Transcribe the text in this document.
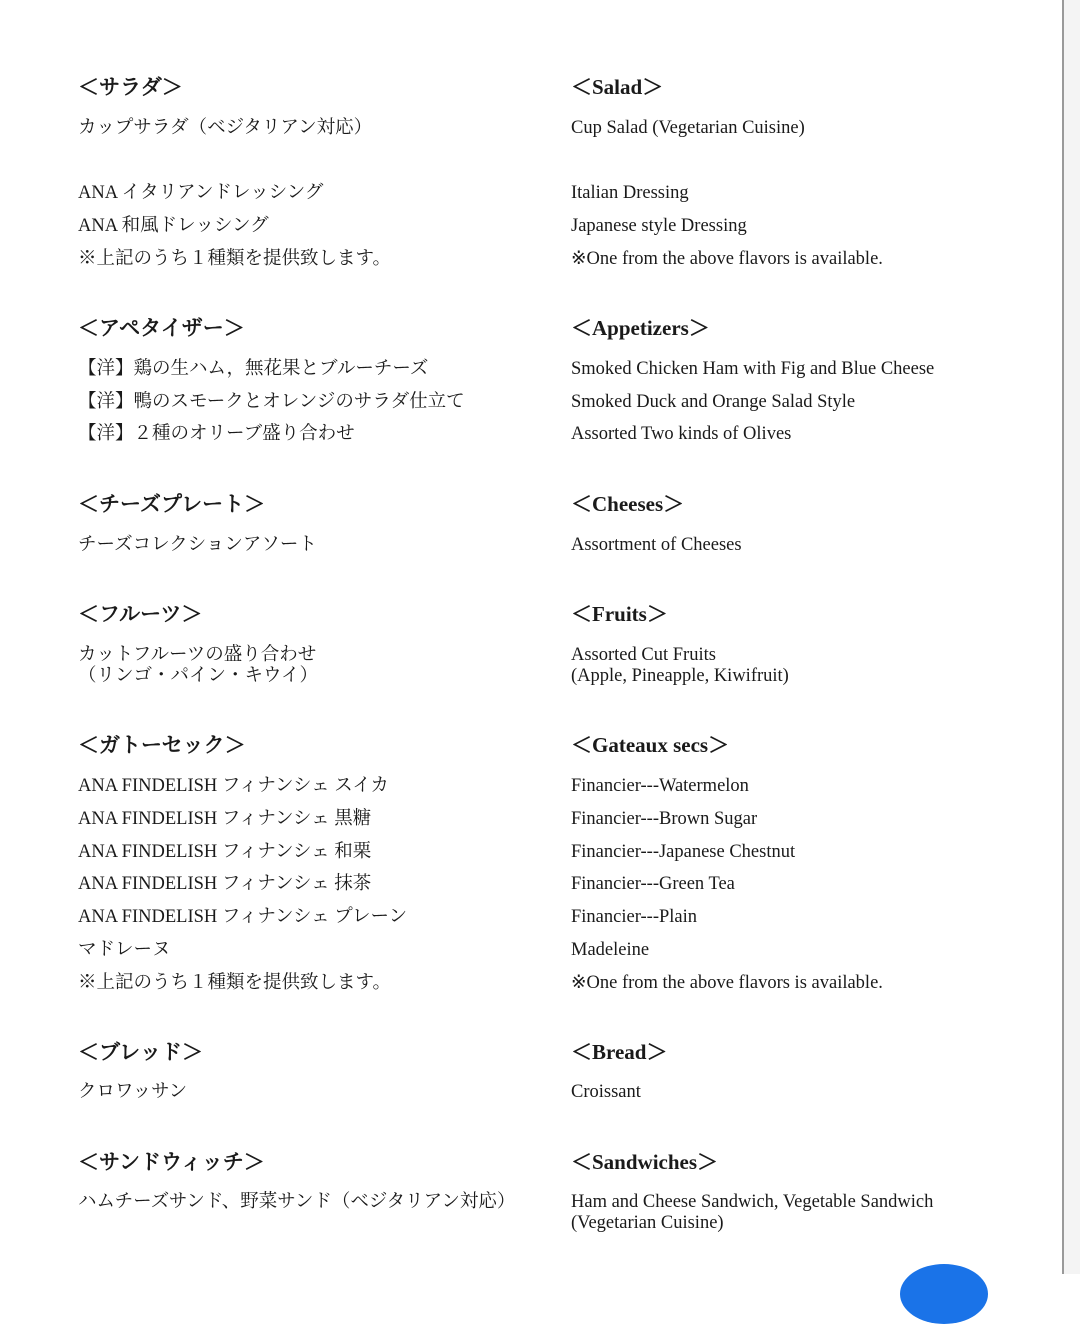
＜サラダ＞	＜Salad＞
カップサラダ（ベジタリアン対応）	Cup Salad (Vegetarian Cuisine)
ANA イタリアンドレッシング	Italian Dressing
ANA 和風ドレッシング	Japanese style Dressing
※上記のうち１種類を提供致します。	※One from the above flavors is available.
＜アペタイザー＞	＜Appetizers＞
【洋】鶏の生ハム，無花果とブルーチーズ	Smoked Chicken Ham with Fig and Blue Cheese
【洋】鴨のスモークとオレンジのサラダ仕立て	Smoked Duck and Orange Salad Style
【洋】２種のオリーブ盛り合わせ	Assorted Two kinds of Olives
＜チーズプレート＞	＜Cheeses＞
チーズコレクションアソート	Assortment of Cheeses
＜フルーツ＞	＜Fruits＞
カットフルーツの盛り合わせ	Assorted Cut Fruits
（リンゴ・パイン・キウイ）	(Apple, Pineapple, Kiwifruit)
＜ガトーセック＞	＜Gateaux secs＞
ANA FINDELISH フィナンシェ スイカ	Financier---Watermelon
ANA FINDELISH フィナンシェ 黒糖	Financier---Brown Sugar
ANA FINDELISH フィナンシェ 和栗	Financier---Japanese Chestnut
ANA FINDELISH フィナンシェ 抹茶	Financier---Green Tea
ANA FINDELISH フィナンシェ プレーン	Financier---Plain
マドレーヌ	Madeleine
※上記のうち１種類を提供致します。	※One from the above flavors is available.
＜ブレッド＞	＜Bread＞
クロワッサン	Croissant
＜サンドウィッチ＞	＜Sandwiches＞
ハムチーズサンド、野菜サンド（ベジタリアン対応）	Ham and Cheese Sandwich, Vegetable Sandwich
(Vegetarian Cuisine)
